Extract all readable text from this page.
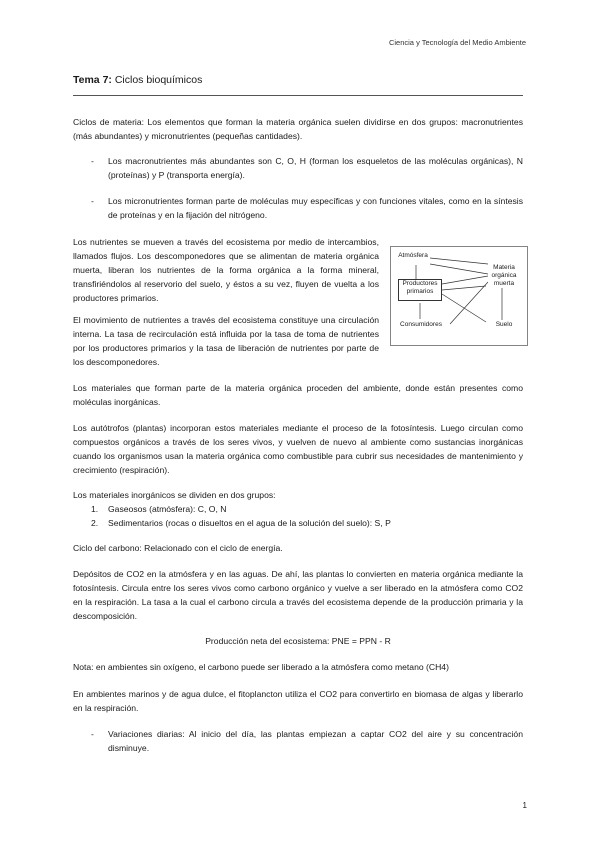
Ciencia y Tecnología del Medio Ambiente
Tema 7: Ciclos bioquímicos

Ciclos de materia: Los elementos que forman la materia orgánica suelen dividirse en dos grupos: macronutrientes (más abundantes) y micronutrientes (pequeñas cantidades).

- Los macronutrientes más abundantes son C, O, H (forman los esqueletos de las moléculas orgánicas), N (proteínas) y P (transporta energía).
- Los micronutrientes forman parte de moléculas muy específicas y con funciones vitales, como en la síntesis de proteínas y en la fijación del nitrógeno.

Los nutrientes se mueven a través del ecosistema por medio de intercambios, llamados flujos. Los descomponedores que se alimentan de materia orgánica muerta, liberan los nutrientes de la forma orgánica a la forma mineral, transfiriéndolos al reservorio del suelo, y éstos a su vez, fluyen de vuelta a los productores primarios.

El movimiento de nutrientes a través del ecosistema constituye una circulación interna. La tasa de recirculación está influida por la tasa de toma de nutrientes por los productores primarios y la tasa de liberación de nutrientes por parte de los descomponedores.

Atmósfera
Productores primarios
Consumidores
Materia orgánica muerta
Suelo

Los materiales que forman parte de la materia orgánica proceden del ambiente, donde están presentes como moléculas inorgánicas.

Los autótrofos (plantas) incorporan estos materiales mediante el proceso de la fotosíntesis. Luego circulan como compuestos orgánicos a través de los seres vivos, y vuelven de nuevo al ambiente como sustancias inorgánicas cuando los organismos usan la materia orgánica como combustible para cubrir sus necesidades de mantenimiento y crecimiento (respiración).

Los materiales inorgánicos se dividen en dos grupos:

1. Gaseosos (atmósfera): C, O, N
2. Sedimentarios (rocas o disueltos en el agua de la solución del suelo): S, P

Ciclo del carbono: Relacionado con el ciclo de energía.

Depósitos de CO2 en la atmósfera y en las aguas. De ahí, las plantas lo convierten en materia orgánica mediante la fotosíntesis. Circula entre los seres vivos como carbono orgánico y vuelve a ser liberado en la atmósfera como CO2 en la respiración. La tasa a la cual el carbono circula a través del ecosistema depende de la producción primaria y la descomposición.

Producción neta del ecosistema: PNE = PPN - R

Nota: en ambientes sin oxígeno, el carbono puede ser liberado a la atmósfera como metano (CH4)

En ambientes marinos y de agua dulce, el fitoplancton utiliza el CO2 para convertirlo en biomasa de algas y liberarlo en la respiración.

- Variaciones diarias: Al inicio del día, las plantas empiezan a captar CO2 del aire y su concentración disminuye.
1
